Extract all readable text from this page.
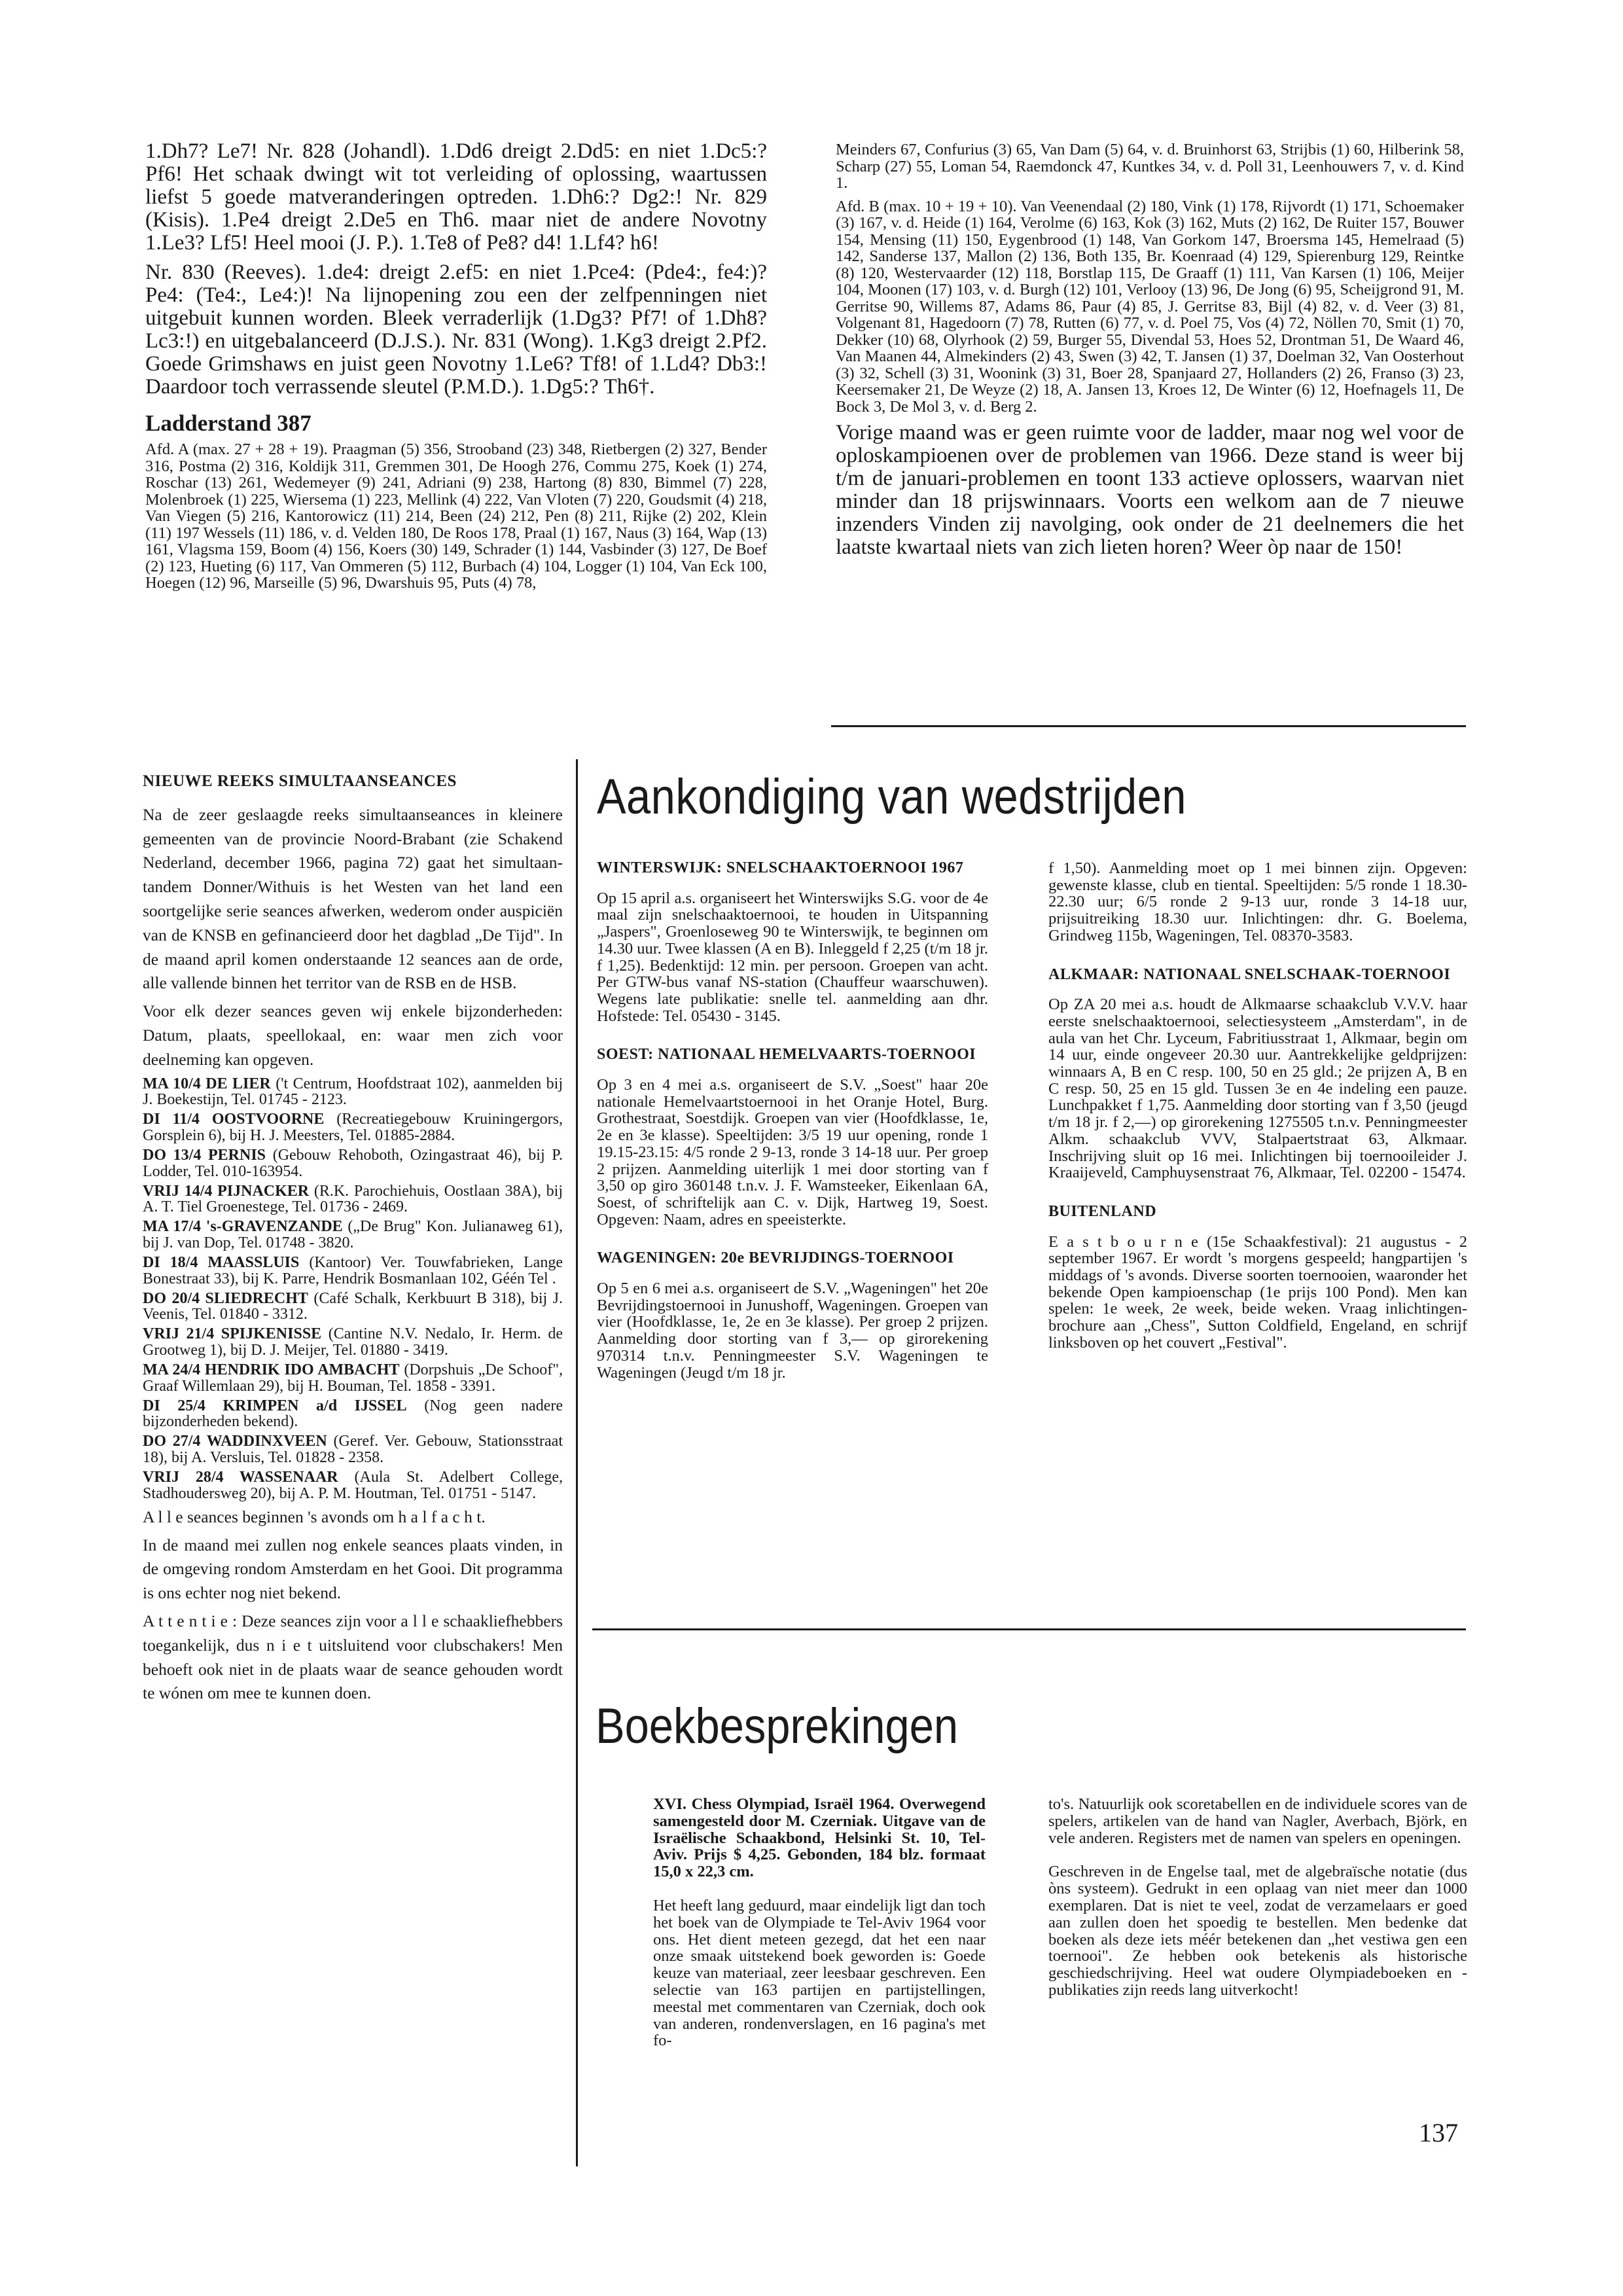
1.Dh7? Le7! Nr. 828 (Johandl). 1.Dd6 dreigt 2.Dd5: en niet 1.Dc5:? Pf6! Het schaak dwingt wit tot verleiding of oplossing, waartussen liefst 5 goede matveranderingen optreden. 1.Dh6:? Dg2:! Nr. 829 (Kisis). 1.Pe4 dreigt 2.De5 en Th6. maar niet de andere Novotny 1.Le3? Lf5! Heel mooi (J. P.). 1.Te8 of Pe8? d4! 1.Lf4? h6!

Nr. 830 (Reeves). 1.de4: dreigt 2.ef5: en niet 1.Pce4: (Pde4:, fe4:)? Pe4: (Te4:, Le4:)! Na lijnopening zou een der zelfpenningen niet uitgebuit kunnen worden. Bleek verraderlijk (1.Dg3? Pf7! of 1.Dh8? Lc3:!) en uitgebalanceerd (D.J.S.). Nr. 831 (Wong). 1.Kg3 dreigt 2.Pf2. Goede Grimshaws en juist geen Novotny 1.Le6? Tf8! of 1.Ld4? Db3:! Daardoor toch verrassende sleutel (P.M.D.). 1.Dg5:? Th6†.

Ladderstand 387

Afd. A (max. 27 + 28 + 19). Praagman (5) 356, Strooband (23) 348, Rietbergen (2) 327, Bender 316, Postma (2) 316, Koldijk 311, Gremmen 301, De Hoogh 276, Commu 275, Koek (1) 274, Roschar (13) 261, Wedemeyer (9) 241, Adriani (9) 238, Hartong (8) 830, Bimmel (7) 228, Molenbroek (1) 225, Wiersema (1) 223, Mellink (4) 222, Van Vloten (7) 220, Goudsmit (4) 218, Van Viegen (5) 216, Kantorowicz (11) 214, Been (24) 212, Pen (8) 211, Rijke (2) 202, Klein (11) 197 Wessels (11) 186, v. d. Velden 180, De Roos 178, Praal (1) 167, Naus (3) 164, Wap (13) 161, Vlagsma 159, Boom (4) 156, Koers (30) 149, Schrader (1) 144, Vasbinder (3) 127, De Boef (2) 123, Hueting (6) 117, Van Ommeren (5) 112, Burbach (4) 104, Logger (1) 104, Van Eck 100, Hoegen (12) 96, Marseille (5) 96, Dwarshuis 95, Puts (4) 78,

Meinders 67, Confurius (3) 65, Van Dam (5) 64, v. d. Bruinhorst 63, Strijbis (1) 60, Hilberink 58, Scharp (27) 55, Loman 54, Raemdonck 47, Kuntkes 34, v. d. Poll 31, Leenhouwers 7, v. d. Kind 1.

Afd. B (max. 10 + 19 + 10). Van Veenendaal (2) 180, Vink (1) 178, Rijvordt (1) 171, Schoemaker (3) 167, v. d. Heide (1) 164, Verolme (6) 163, Kok (3) 162, Muts (2) 162, De Ruiter 157, Bouwer 154, Mensing (11) 150, Eygenbrood (1) 148, Van Gorkom 147, Broersma 145, Hemelraad (5) 142, Sanderse 137, Mallon (2) 136, Both 135, Br. Koenraad (4) 129, Spierenburg 129, Reintke (8) 120, Westervaarder (12) 118, Borstlap 115, De Graaff (1) 111, Van Karsen (1) 106, Meijer 104, Moonen (17) 103, v. d. Burgh (12) 101, Verlooy (13) 96, De Jong (6) 95, Scheijgrond 91, M. Gerritse 90, Willems 87, Adams 86, Paur (4) 85, J. Gerritse 83, Bijl (4) 82, v. d. Veer (3) 81, Volgenant 81, Hagedoorn (7) 78, Rutten (6) 77, v. d. Poel 75, Vos (4) 72, Nöllen 70, Smit (1) 70, Dekker (10) 68, Olyrhook (2) 59, Burger 55, Divendal 53, Hoes 52, Drontman 51, De Waard 46, Van Maanen 44, Almekinders (2) 43, Swen (3) 42, T. Jansen (1) 37, Doelman 32, Van Oosterhout (3) 32, Schell (3) 31, Woonink (3) 31, Boer 28, Spanjaard 27, Hollanders (2) 26, Franso (3) 23, Keersemaker 21, De Weyze (2) 18, A. Jansen 13, Kroes 12, De Winter (6) 12, Hoefnagels 11, De Bock 3, De Mol 3, v. d. Berg 2.

Vorige maand was er geen ruimte voor de ladder, maar nog wel voor de oploskampioenen over de problemen van 1966. Deze stand is weer bij t/m de januari-problemen en toont 133 actieve oplossers, waarvan niet minder dan 18 prijswinnaars. Voorts een welkom aan de 7 nieuwe inzenders Vinden zij navolging, ook onder de 21 deelnemers die het laatste kwartaal niets van zich lieten horen? Weer òp naar de 150!

NIEUWE REEKS SIMULTAANSEANCES

Na de zeer geslaagde reeks simultaanseances in kleinere gemeenten van de provincie Noord-Brabant (zie Schakend Nederland, december 1966, pagina 72) gaat het simultaan-tandem Donner/Withuis is het Westen van het land een soortgelijke serie seances afwerken, wederom onder auspiciën van de KNSB en gefinancieerd door het dagblad „De Tijd". In de maand april komen onderstaande 12 seances aan de orde, alle vallende binnen het territor van de RSB en de HSB.

Voor elk dezer seances geven wij enkele bijzonderheden: Datum, plaats, speellokaal, en: waar men zich voor deelneming kan opgeven.

MA 10/4 DE LIER ('t Centrum, Hoofdstraat 102), aanmelden bij J. Boekestijn, Tel. 01745 - 2123.

DI 11/4 OOSTVOORNE (Recreatiegebouw Kruiningergors, Gorsplein 6), bij H. J. Meesters, Tel. 01885-2884.

DO 13/4 PERNIS (Gebouw Rehoboth, Ozingastraat 46), bij P. Lodder, Tel. 010-163954.

VRIJ 14/4 PIJNACKER (R.K. Parochiehuis, Oostlaan 38A), bij A. T. Tiel Groenestege, Tel. 01736 - 2469.

MA 17/4 's-GRAVENZANDE („De Brug" Kon. Julianaweg 61), bij J. van Dop, Tel. 01748 - 3820.

DI 18/4 MAASSLUIS (Kantoor) Ver. Touwfabrieken, Lange Bonestraat 33), bij K. Parre, Hendrik Bosmanlaan 102, Géén Tel .

DO 20/4 SLIEDRECHT (Café Schalk, Kerkbuurt B 318), bij J. Veenis, Tel. 01840 - 3312.

VRIJ 21/4 SPIJKENISSE (Cantine N.V. Nedalo, Ir. Herm. de Grootweg 1), bij D. J. Meijer, Tel. 01880 - 3419.

MA 24/4 HENDRIK IDO AMBACHT (Dorpshuis „De Schoof", Graaf Willemlaan 29), bij H. Bouman, Tel. 1858 - 3391.

DI 25/4 KRIMPEN a/d IJSSEL (Nog geen nadere bijzonderheden bekend).

DO 27/4 WADDINXVEEN (Geref. Ver. Gebouw, Stationsstraat 18), bij A. Versluis, Tel. 01828 - 2358.

VRIJ 28/4 WASSENAAR (Aula St. Adelbert College, Stadhoudersweg 20), bij A. P. M. Houtman, Tel. 01751 - 5147.

A l l e seances beginnen 's avonds om h a l f a c h t.

In de maand mei zullen nog enkele seances plaats vinden, in de omgeving rondom Amsterdam en het Gooi. Dit programma is ons echter nog niet bekend.

A t t e n t i e : Deze seances zijn voor a l l e schaakliefhebbers toegankelijk, dus n i e t uitsluitend voor clubschakers! Men behoeft ook niet in de plaats waar de seance gehouden wordt te wónen om mee te kunnen doen.

Aankondiging van wedstrijden
WINTERSWIJK: SNELSCHAAKTOERNOOI 1967

Op 15 april a.s. organiseert het Winterswijks S.G. voor de 4e maal zijn snelschaaktoernooi, te houden in Uitspanning „Jaspers", Groenloseweg 90 te Winterswijk, te beginnen om 14.30 uur. Twee klassen (A en B). Inleggeld f 2,25 (t/m 18 jr. f 1,25). Bedenktijd: 12 min. per persoon. Groepen van acht. Per GTW-bus vanaf NS-station (Chauffeur waarschuwen). Wegens late publikatie: snelle tel. aanmelding aan dhr. Hofstede: Tel. 05430 - 3145.

SOEST: NATIONAAL HEMELVAARTS-TOERNOOI

Op 3 en 4 mei a.s. organiseert de S.V. „Soest" haar 20e nationale Hemelvaartstoernooi in het Oranje Hotel, Burg. Grothestraat, Soestdijk. Groepen van vier (Hoofdklasse, 1e, 2e en 3e klasse). Speeltijden: 3/5 19 uur opening, ronde 1 19.15-23.15: 4/5 ronde 2 9-13, ronde 3 14-18 uur. Per groep 2 prijzen. Aanmelding uiterlijk 1 mei door storting van f 3,50 op giro 360148 t.n.v. J. F. Wamsteeker, Eikenlaan 6A, Soest, of schriftelijk aan C. v. Dijk, Hartweg 19, Soest. Opgeven: Naam, adres en speeisterkte.

WAGENINGEN: 20e BEVRIJDINGS-TOERNOOI

Op 5 en 6 mei a.s. organiseert de S.V. „Wageningen" het 20e Bevrijdingstoernooi in Junushoff, Wageningen. Groepen van vier (Hoofdklasse, 1e, 2e en 3e klasse). Per groep 2 prijzen. Aanmelding door storting van f 3,— op girorekening 970314 t.n.v. Penningmeester S.V. Wageningen te Wageningen (Jeugd t/m 18 jr.

f 1,50). Aanmelding moet op 1 mei binnen zijn. Opgeven: gewenste klasse, club en tiental. Speeltijden: 5/5 ronde 1 18.30-22.30 uur; 6/5 ronde 2 9-13 uur, ronde 3 14-18 uur, prijsuitreiking 18.30 uur. Inlichtingen: dhr. G. Boelema, Grindweg 115b, Wageningen, Tel. 08370-3583.

ALKMAAR: NATIONAAL SNELSCHAAK-TOERNOOI

Op ZA 20 mei a.s. houdt de Alkmaarse schaakclub V.V.V. haar eerste snelschaaktoernooi, selectiesysteem „Amsterdam", in de aula van het Chr. Lyceum, Fabritiusstraat 1, Alkmaar, begin om 14 uur, einde ongeveer 20.30 uur. Aantrekkelijke geldprijzen: winnaars A, B en C resp. 100, 50 en 25 gld.; 2e prijzen A, B en C resp. 50, 25 en 15 gld. Tussen 3e en 4e indeling een pauze. Lunchpakket f 1,75. Aanmelding door storting van f 3,50 (jeugd t/m 18 jr. f 2,—) op girorekening 1275505 t.n.v. Penningmeester Alkm. schaakclub VVV, Stalpaertstraat 63, Alkmaar. Inschrijving sluit op 16 mei. Inlichtingen bij toernooileider J. Kraaijeveld, Camphuysenstraat 76, Alkmaar, Tel. 02200 - 15474.

BUITENLAND

E a s t b o u r n e (15e Schaakfestival): 21 augustus - 2 september 1967. Er wordt 's morgens gespeeld; hangpartijen 's middags of 's avonds. Diverse soorten toernooien, waaronder het bekende Open kampioenschap (1e prijs 100 Pond). Men kan spelen: 1e week, 2e week, beide weken. Vraag inlichtingen-brochure aan „Chess", Sutton Coldfield, Engeland, en schrijf linksboven op het couvert „Festival".

Boekbesprekingen

XVI. Chess Olympiad, Israël 1964. Overwegend samengesteld door M. Czerniak. Uitgave van de Israëlische Schaakbond, Helsinki St. 10, Tel-Aviv. Prijs $ 4,25. Gebonden, 184 blz. formaat 15,0 x 22,3 cm.

Het heeft lang geduurd, maar eindelijk ligt dan toch het boek van de Olympiade te Tel-Aviv 1964 voor ons. Het dient meteen gezegd, dat het een naar onze smaak uitstekend boek geworden is: Goede keuze van materiaal, zeer leesbaar geschreven. Een selectie van 163 partijen en partijstellingen, meestal met commentaren van Czerniak, doch ook van anderen, rondenverslagen, en 16 pagina's met fo-

to's. Natuurlijk ook scoretabellen en de individuele scores van de spelers, artikelen van de hand van Nagler, Averbach, Björk, en vele anderen. Registers met de namen van spelers en openingen.

Geschreven in de Engelse taal, met de algebraïsche notatie (dus òns systeem). Gedrukt in een oplaag van niet meer dan 1000 exemplaren. Dat is niet te veel, zodat de verzamelaars er goed aan zullen doen het spoedig te bestellen. Men bedenke dat boeken als deze iets méér betekenen dan „het vestiwa gen een toernooi". Ze hebben ook betekenis als historische geschiedschrijving. Heel wat oudere Olympiadeboeken en -publikaties zijn reeds lang uitverkocht!

137
